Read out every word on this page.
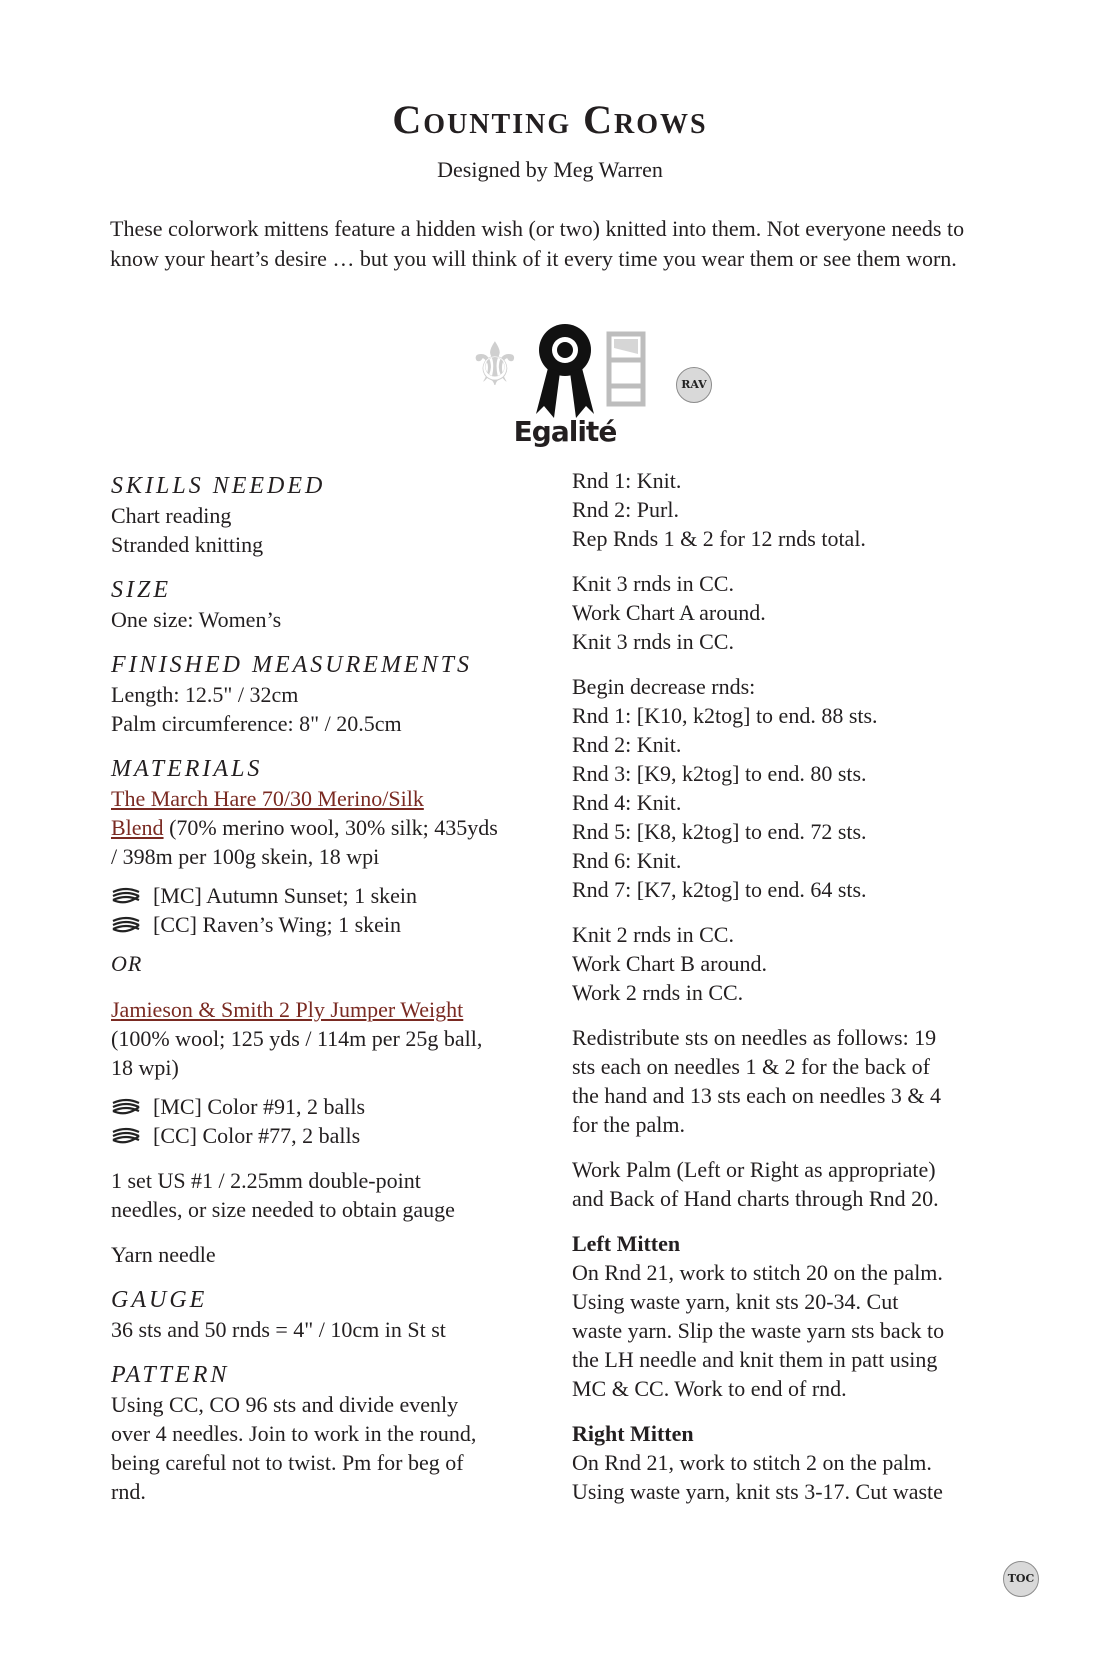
Counting Crows

Designed by Meg Warren

These colorwork mittens feature a hidden wish (or two) knitted into them. Not everyone needs to know your heart’s desire … but you will think of it every time you wear them or see them worn.

⚜
Egalité
RAV
SKILLS NEEDED
Chart reading
Stranded knitting
SIZE
One size: Women’s
FINISHED MEASUREMENTS
Length: 12.5" / 32cm
Palm circumference: 8" / 20.5cm
MATERIALS
The March Hare 70/30 Merino/Silk
Blend (70% merino wool, 30% silk; 435yds
/ 398m per 100g skein, 18 wpi
[MC] Autumn Sunset; 1 skein
[CC] Raven’s Wing; 1 skein
OR
Jamieson & Smith 2 Ply Jumper Weight
(100% wool; 125 yds / 114m per 25g ball,
18 wpi)
[MC] Color #91, 2 balls
[CC] Color #77, 2 balls
1 set US #1 / 2.25mm double-point
needles, or size needed to obtain gauge
Yarn needle
GAUGE
36 sts and 50 rnds = 4" / 10cm in St st
PATTERN
Using CC, CO 96 sts and divide evenly
over 4 needles. Join to work in the round,
being careful not to twist. Pm for beg of
rnd.
Rnd 1: Knit.
Rnd 2: Purl.
Rep Rnds 1 & 2 for 12 rnds total.
Knit 3 rnds in CC.
Work Chart A around.
Knit 3 rnds in CC.
Begin decrease rnds:
Rnd 1: [K10, k2tog] to end. 88 sts.
Rnd 2: Knit.
Rnd 3: [K9, k2tog] to end. 80 sts.
Rnd 4: Knit.
Rnd 5: [K8, k2tog] to end. 72 sts.
Rnd 6: Knit.
Rnd 7: [K7, k2tog] to end. 64 sts.
Knit 2 rnds in CC.
Work Chart B around.
Work 2 rnds in CC.
Redistribute sts on needles as follows: 19
sts each on needles 1 & 2 for the back of
the hand and 13 sts each on needles 3 & 4
for the palm.
Work Palm (Left or Right as appropriate)
and Back of Hand charts through Rnd 20.
Left Mitten
On Rnd 21, work to stitch 20 on the palm.
Using waste yarn, knit sts 20-34. Cut
waste yarn. Slip the waste yarn sts back to
the LH needle and knit them in patt using
MC & CC. Work to end of rnd.
Right Mitten
On Rnd 21, work to stitch 2 on the palm.
Using waste yarn, knit sts 3-17. Cut waste
TOC
